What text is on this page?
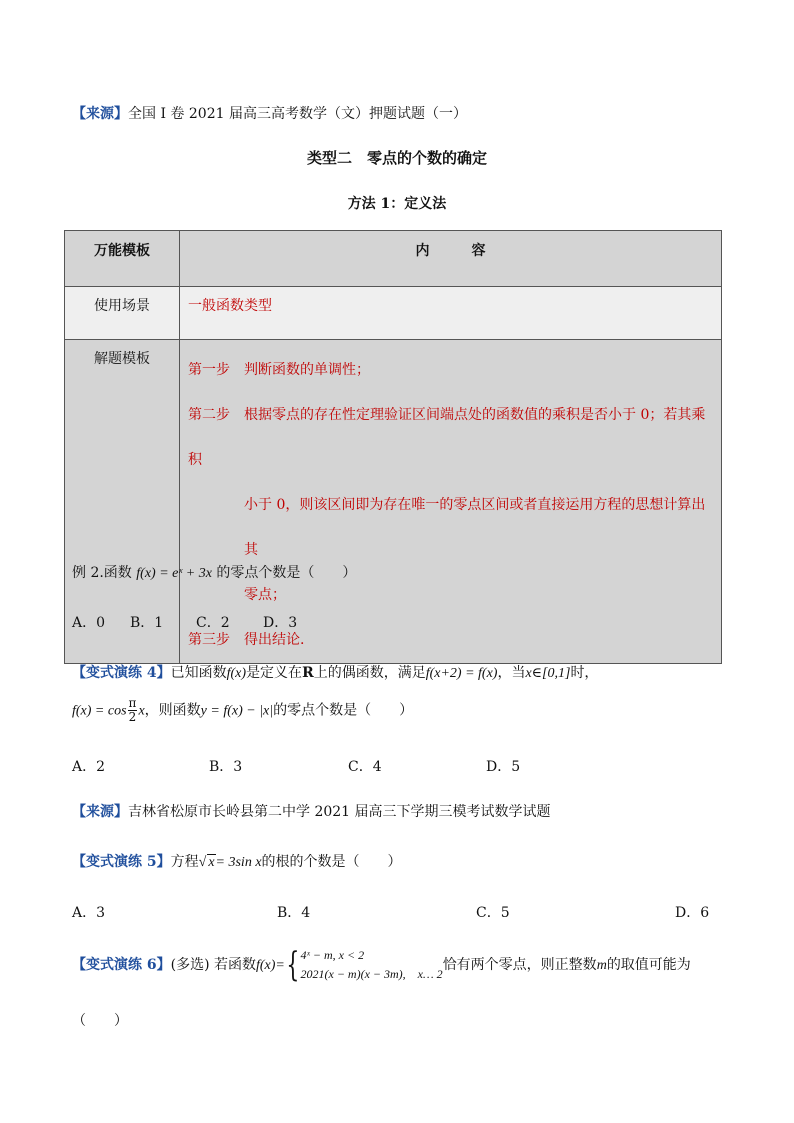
【来源】全国 I 卷 2021 届高三高考数学（文）押题试题（一）
类型二　零点的个数的确定
方法 1：定义法
万能模板	内　　　容
使用场景	一般函数类型
解题模板	第一步 判断函数的单调性；
第二步 根据零点的存在性定理验证区间端点处的函数值的乘积是否小于 0；若其乘积
小于 0，则该区间即为存在唯一的零点区间或者直接运用方程的思想计算出其
零点；
第三步 得出结论.
例 2.函数 f(x) = eˣ + 3x 的零点个数是（　　）
A．0 B．1 C．2 D．3
【变式演练 4】已知函数f(x)是定义在R上的偶函数，满足f(x+2) = f(x)，当x∈[0,1]时，
$f(x) = \cos \frac{\pi}{2}$ x，则函数y = f(x) − |x|的零点个数是（　　）
A．2	B．3	C．4	D．5
【来源】吉林省松原市长岭县第二中学 2021 届高三下学期三模考试数学试题
【变式演练 5】方程√ x= 3sin x的根的个数是（　　）
A．3	B．4	C．5	D．6
【变式演练 6】(多选) 若函数f(x)={ 4ˣ − m, x < 2
2021(x − m)(x − 3m),　x… 2
恰有两个零点，则正整数m的取值可能为
（　　）
